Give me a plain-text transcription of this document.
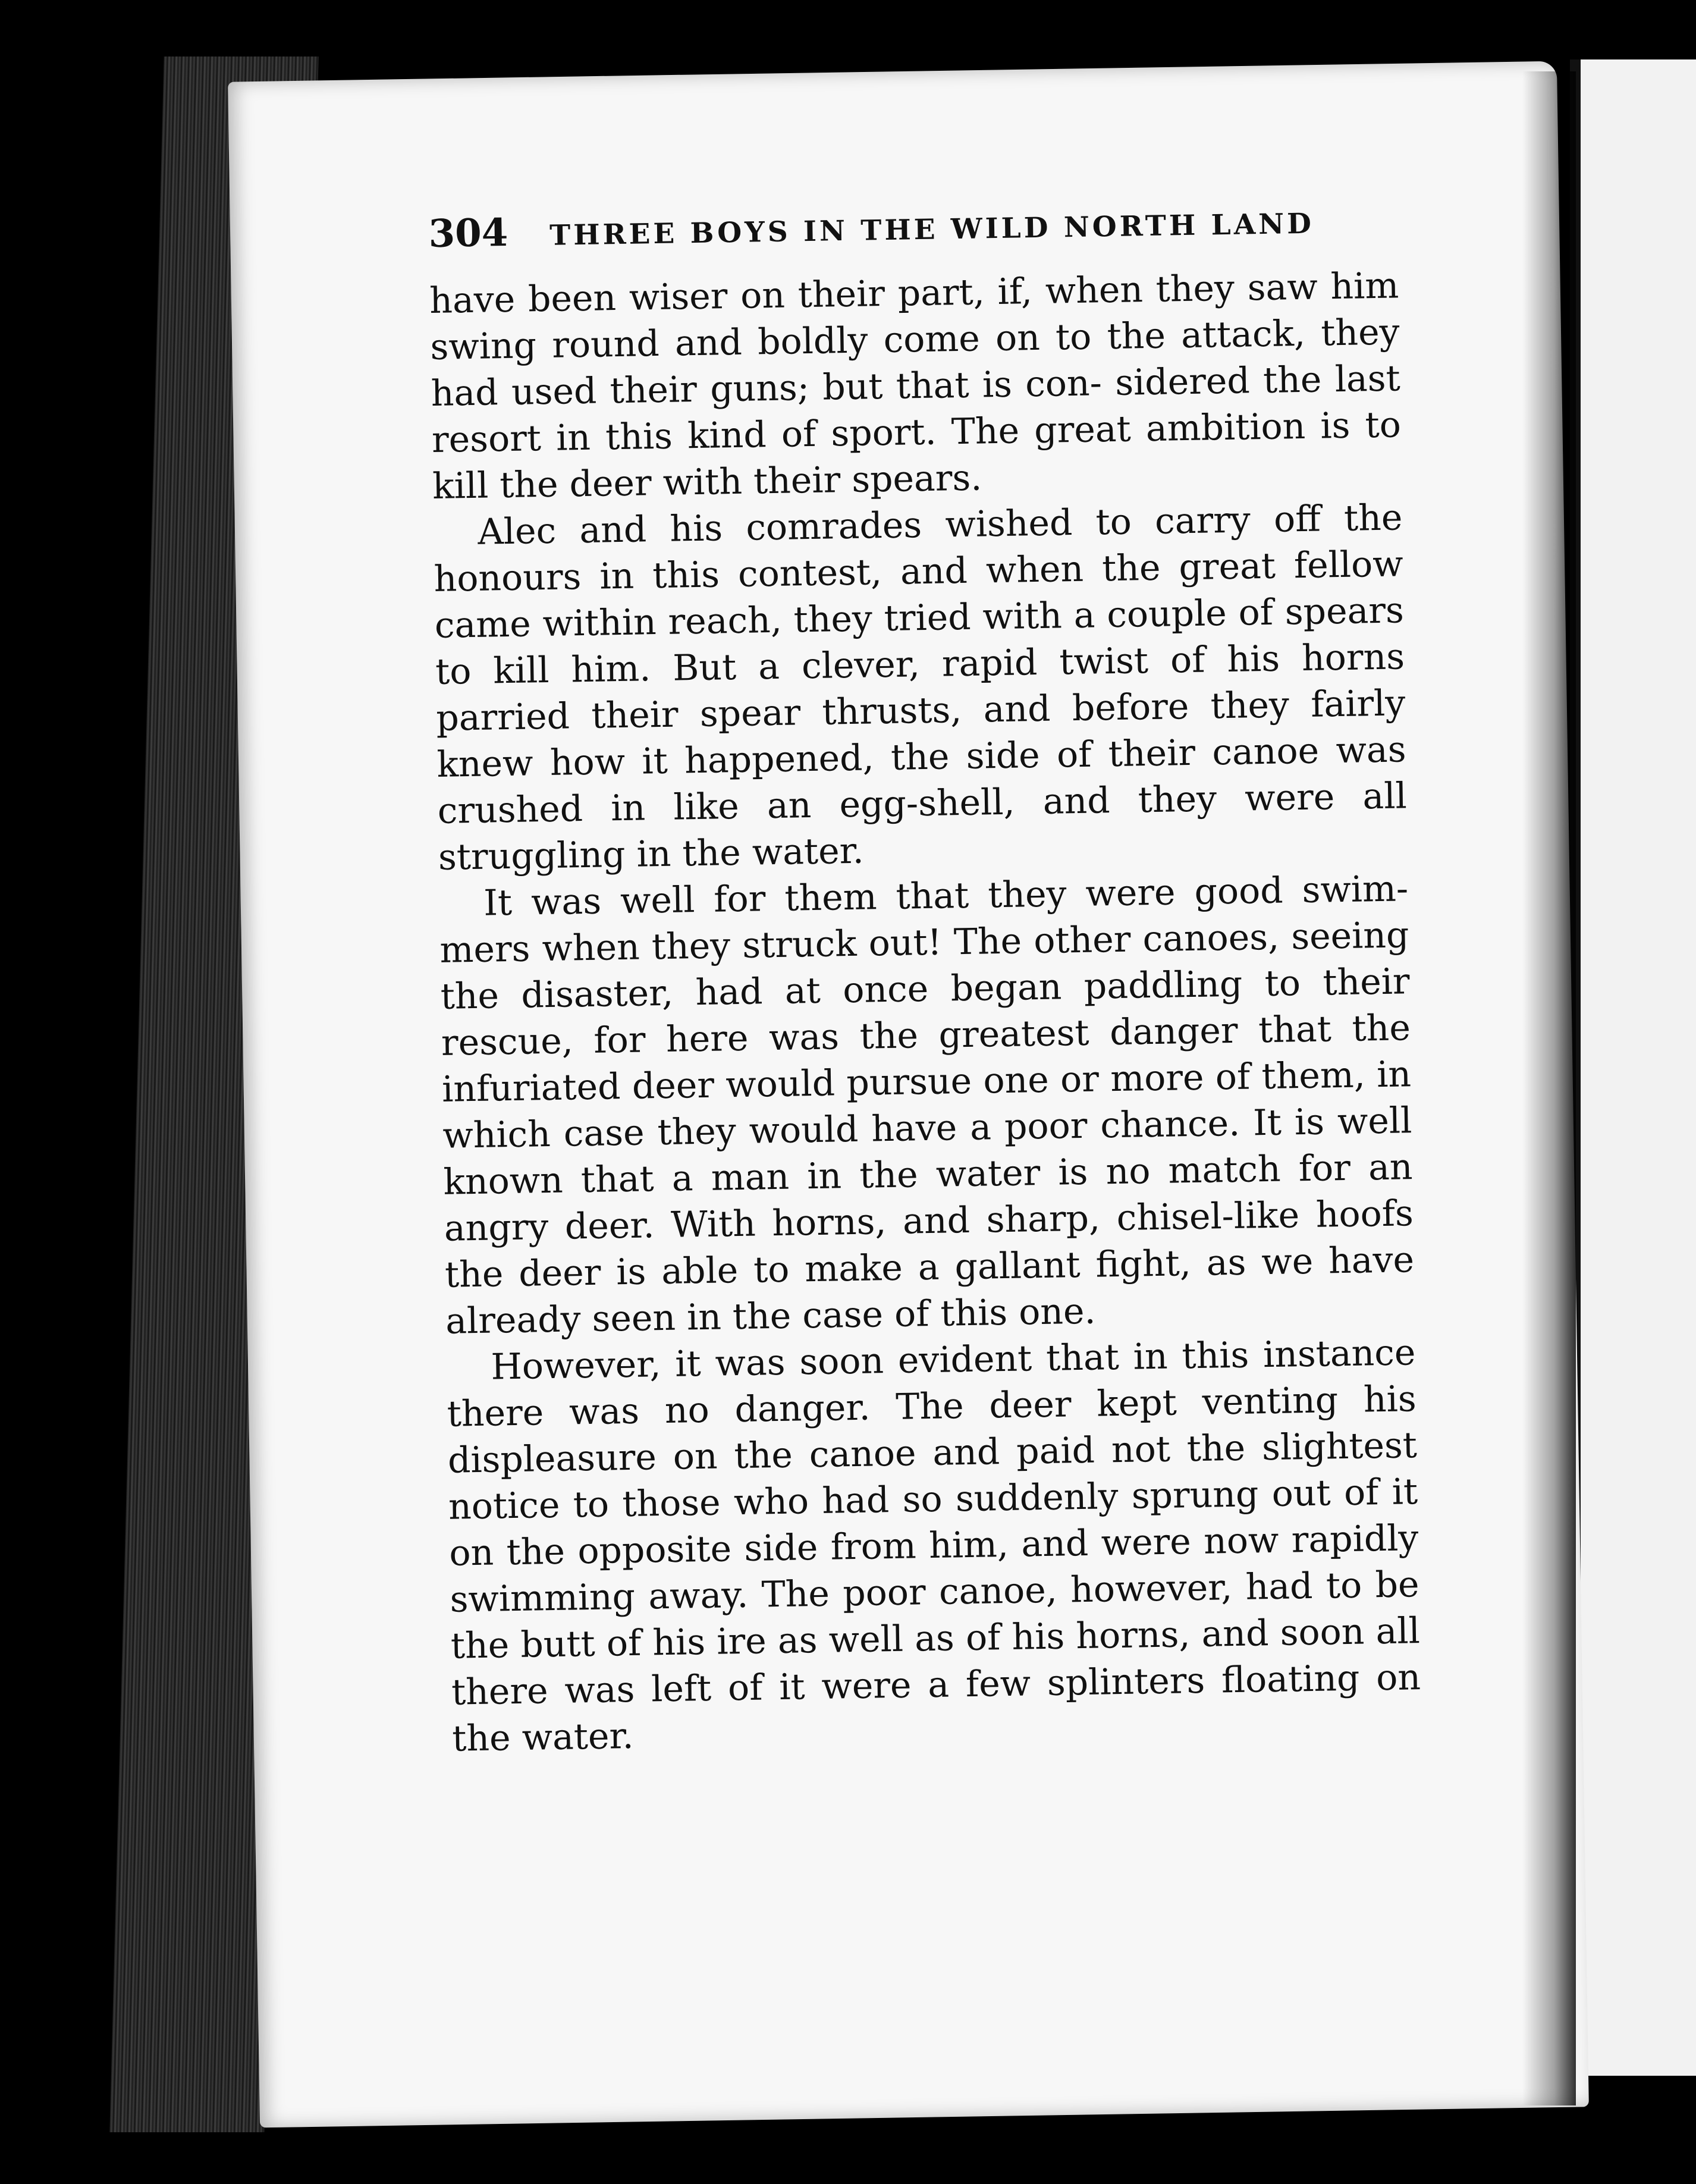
304 THREE BOYS IN THE WILD NORTH LAND

have been wiser on their part, if, when they saw him swing round and boldly come on to the attack, they had used their guns; but that is con- sidered the last resort in this kind of sport. The great ambition is to kill the deer with their spears.

Alec and his comrades wished to carry off the honours in this contest, and when the great fellow came within reach, they tried with a couple of spears to kill him. But a clever, rapid twist of his horns parried their spear thrusts, and before they fairly knew how it happened, the side of their canoe was crushed in like an egg-shell, and they were all struggling in the water.

It was well for them that they were good swim- mers when they struck out! The other canoes, seeing the disaster, had at once began paddling to their rescue, for here was the greatest danger that the infuriated deer would pursue one or more of them, in which case they would have a poor chance. It is well known that a man in the water is no match for an angry deer. With horns, and sharp, chisel-like hoofs the deer is able to make a gallant fight, as we have already seen in the case of this one.

However, it was soon evident that in this instance there was no danger. The deer kept venting his displeasure on the canoe and paid not the slightest notice to those who had so suddenly sprung out of it on the opposite side from him, and were now rapidly swimming away. The poor canoe, however, had to be the butt of his ire as well as of his horns, and soon all there was left of it were a few splinters floating on the water.
